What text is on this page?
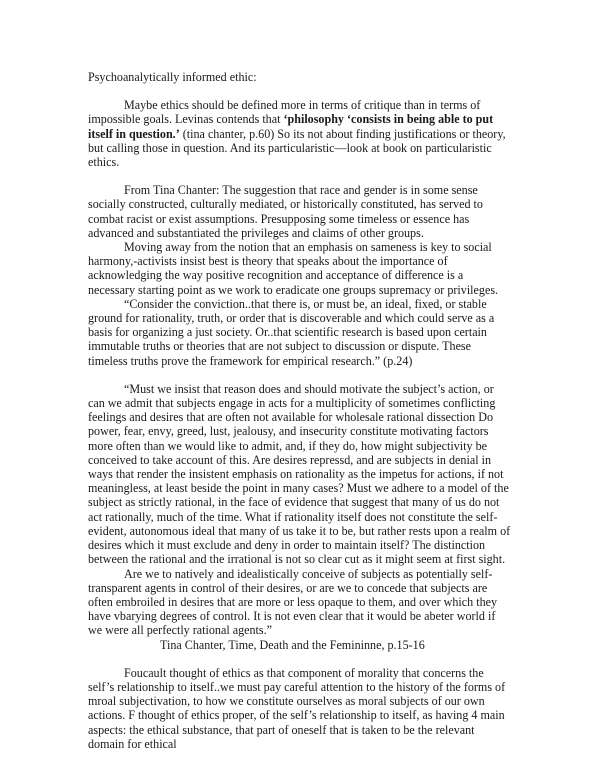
Psychoanalytically informed ethic:

Maybe ethics should be defined more in terms of critique than in terms of impossible goals. Levinas contends that ‘philosophy ‘consists in being able to put itself in question.’ (tina chanter, p.60) So its not about finding justifications or theory, but calling those in question. And its particularistic—look at book on particularistic ethics.

From Tina Chanter: The suggestion that race and gender is in some sense socially constructed, culturally mediated, or historically constituted, has served to combat racist or exist assumptions. Presupposing some timeless or essence has advanced and substantiated the privileges and claims of other groups.

Moving away from the notion that an emphasis on sameness is key to social harmony,-activists insist best is theory that speaks about the importance of acknowledging the way positive recognition and acceptance of difference is a necessary starting point as we work to eradicate one groups supremacy or privileges.

“Consider the conviction..that there is, or must be, an ideal, fixed, or stable ground for rationality, truth, or order that is discoverable and which could serve as a basis for organizing a just society. Or..that scientific research is based upon certain immutable truths or theories that are not subject to discussion or dispute. These timeless truths prove the framework for empirical research.” (p.24)

“Must we insist that reason does and should motivate the subject’s action, or can we admit that subjects engage in acts for a multiplicity of sometimes conflicting feelings and desires that are often not available for wholesale rational dissection Do power, fear, envy, greed, lust, jealousy, and insecurity constitute motivating factors more often than we would like to admit, and, if they do, how might subjectivity be conceived to take account of this. Are desires repressd, and are subjects in denial in ways that render the insistent emphasis on rationality as the impetus for actions, if not meaningless, at least beside the point in many cases? Must we adhere to a model of the subject as strictly rational, in the face of evidence that suggest that many of us do not act rationally, much of the time. What if rationality itself does not constitute the self-evident, autonomous ideal that many of us take it to be, but rather rests upon a realm of desires which it must exclude and deny in order to maintain itself? The distinction between the rational and the irrational is not so clear cut as it might seem at first sight.

Are we to natively and idealistically conceive of subjects as potentially self-transparent agents in control of their desires, or are we to concede that subjects are often embroiled in desires that are more or less opaque to them, and over which they have vbarying degrees of control. It is not even clear that it would be abeter world if we were all perfectly rational agents.”

Tina Chanter, Time, Death and the Femininne, p.15-16

Foucault thought of ethics as that component of morality that concerns the self’s relationship to itself..we must pay careful attention to the history of the forms of mroal subjectivation, to how we constitute ourselves as moral subjects of our own actions. F thought of ethics proper, of the self’s relationship to itself, as having 4 main aspects: the ethical substance, that part of oneself that is taken to be the relevant domain for ethical
